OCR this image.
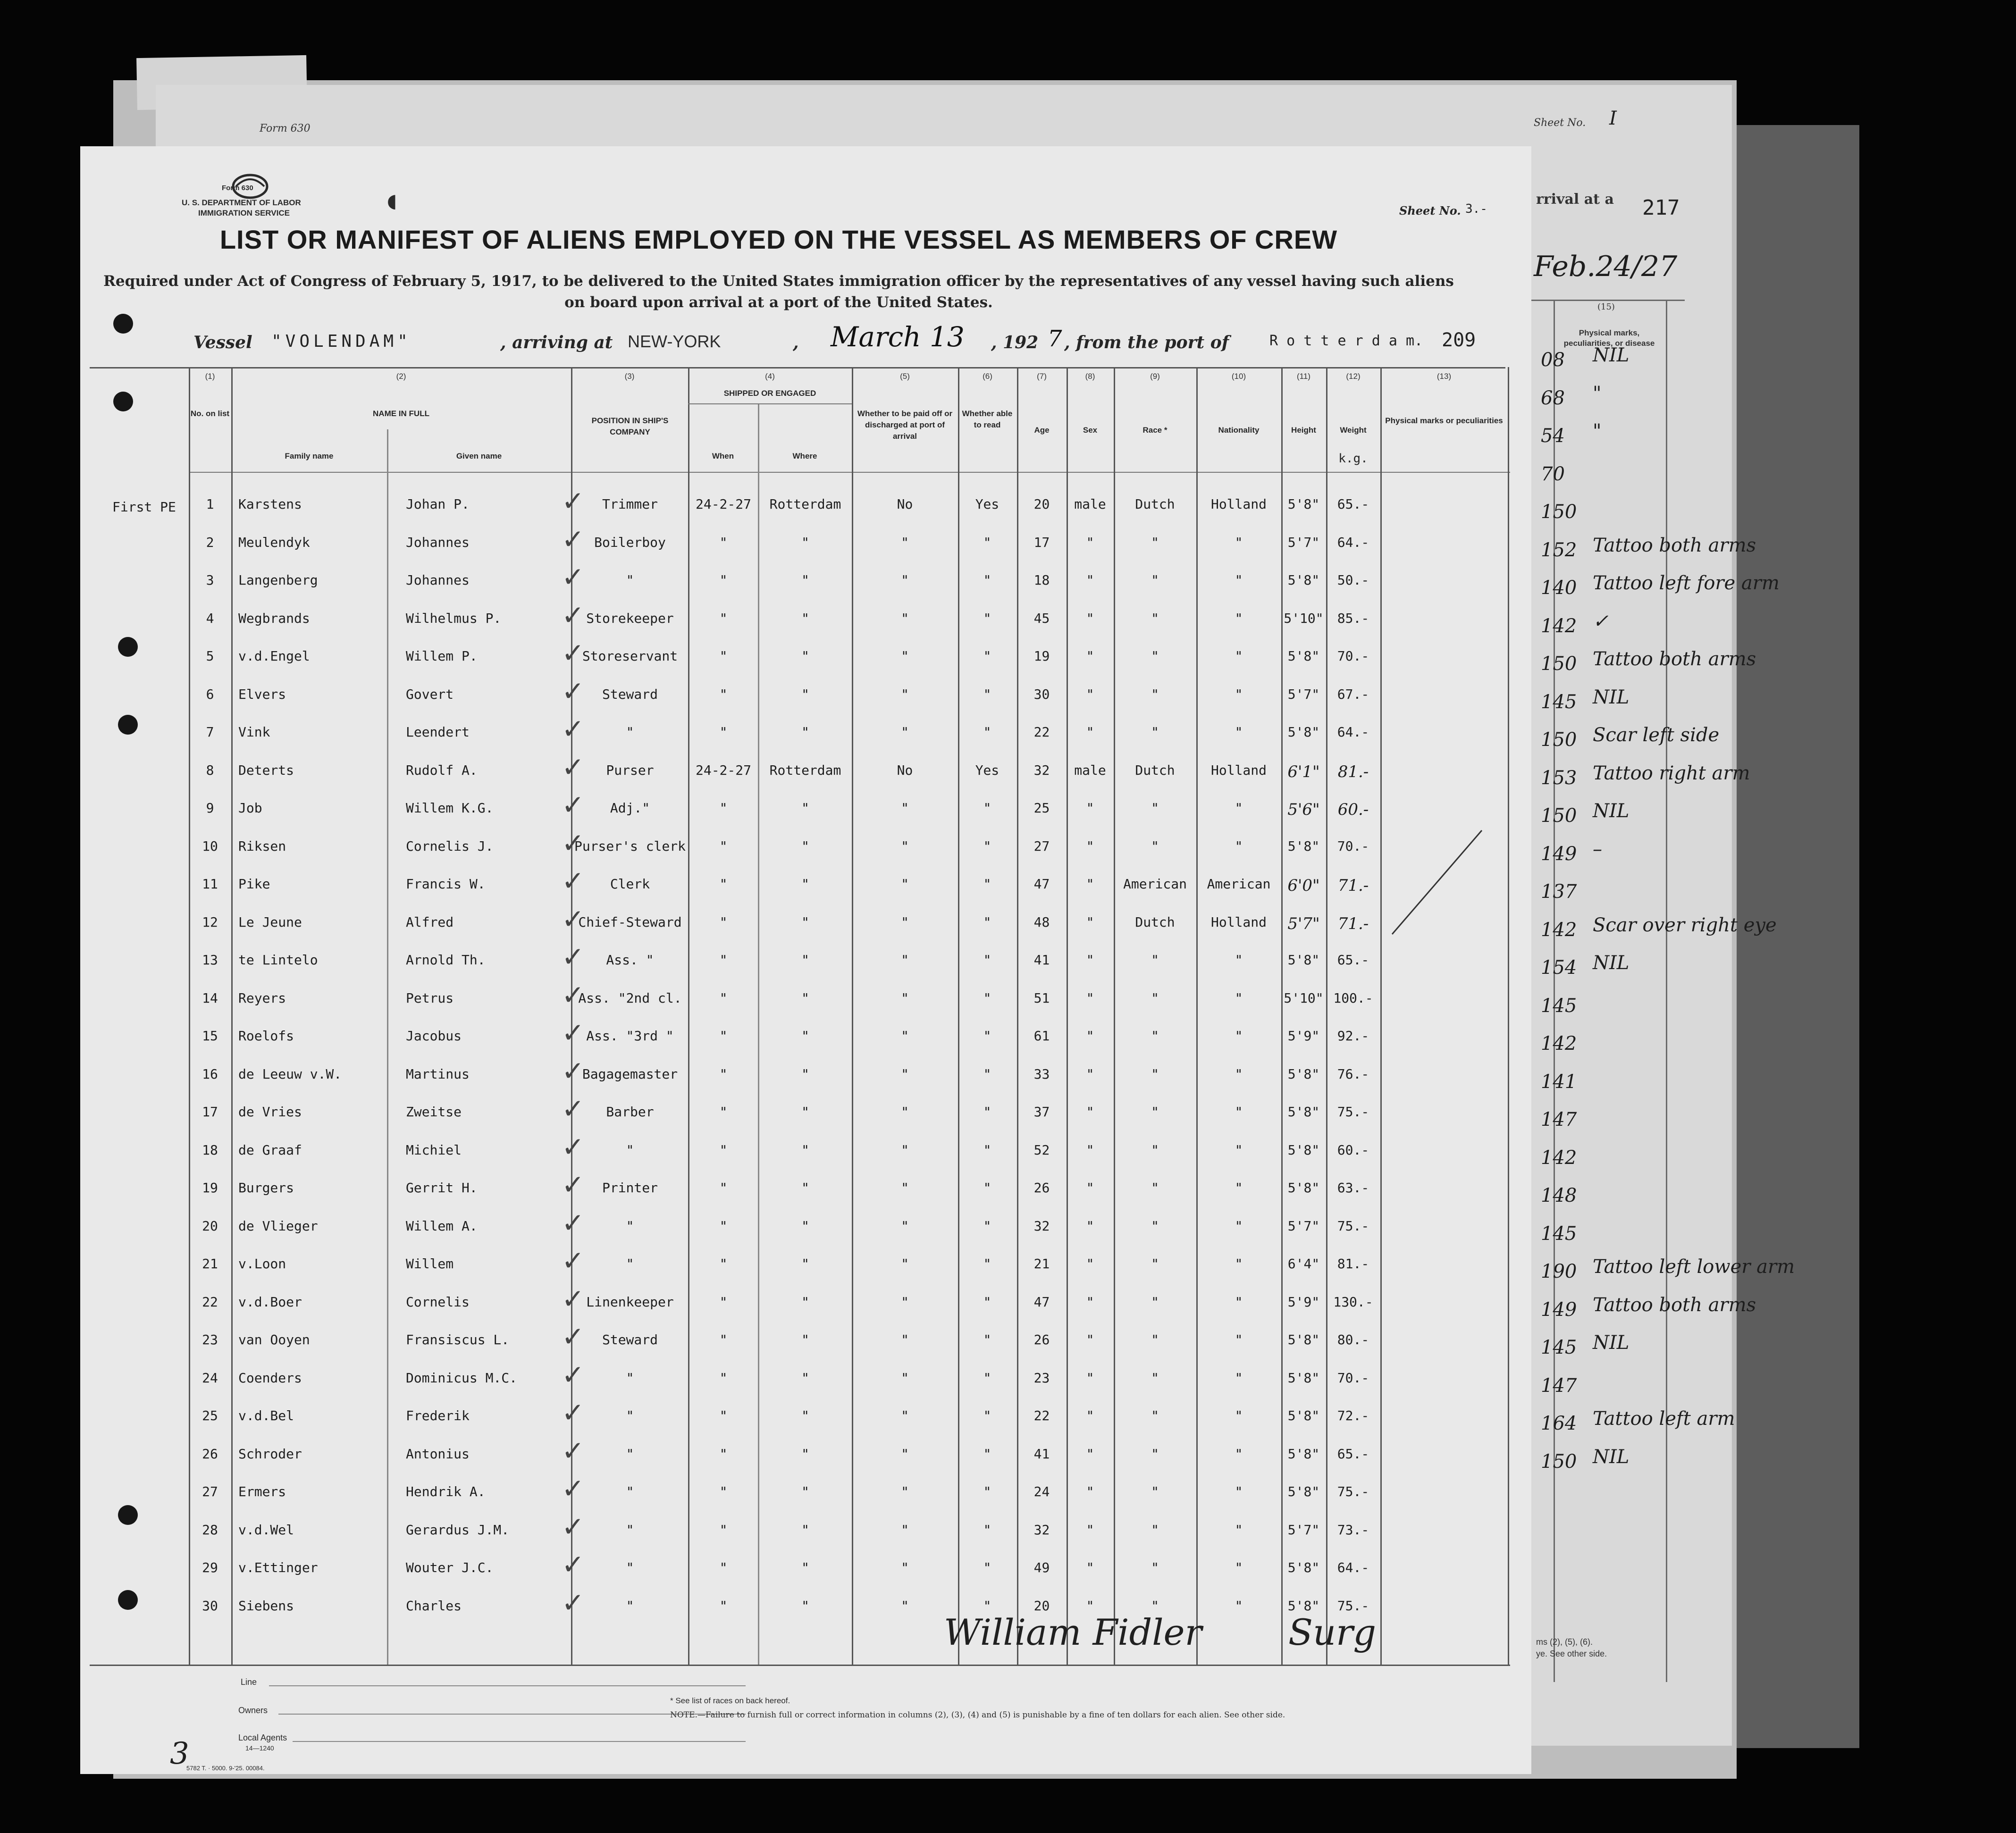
Form 630	Sheet No. I
rrival at a
Feb.24/27
(15)
Physical marks, peculiarities, or disease
ms (2), (5), (6).
ye. See other side.
08 NIL
68 "
54 "
70
150
152 Tattoo both arms
140 Tattoo left fore arm
142 ✓
150 Tattoo both arms
145 NIL
150 Scar left side
153 Tattoo right arm
150 NIL
149 –
137
142 Scar over right eye
154 NIL
145
142
141
147
142
148
145
190 Tattoo left lower arm
149 Tattoo both arms
145 NIL
147
164 Tattoo left arm
150 NIL
Form 630
U. S. DEPARTMENT OF LABOR
IMMIGRATION SERVICE
◖	Sheet No. 3.-	217
LIST OR MANIFEST OF ALIENS EMPLOYED ON THE VESSEL AS MEMBERS OF CREW
Required under Act of Congress of February 5, 1917, to be delivered to the United States immigration officer by the representatives of any vessel having such aliens
on board upon arrival at a port of the United States.
Vessel "VOLENDAM"	, arriving at NEW-YORK	, March 13 , 192 7 , from the port of	R o t t e r d a m. 209
(1)	(2)	(3)	(4)	(5)	(6)	(7)	(8)	(9)	(10)	(11)	(12)	(13)
No. on list	NAME IN FULL
Family name	Given name
POSITION IN SHIP'S COMPANY
SHIPPED OR ENGAGED
When	Where
Whether to be paid off or discharged at port of arrival
Whether able to read
Age	Sex	Race *	Nationality	Height	Weight
k.g.
Physical marks or peculiarities
First PE	1	Karstens	Johan P.	Trimmer	24-2-27	Rotterdam	No	Yes	20	male	Dutch	Holland	5'8"	65.-
✓
2	Meulendyk	Johannes	Boilerboy	"	"	"	"	17	"	"	"	5'7"	64.-
✓
3	Langenberg	Johannes	"	"	"	"	"	18	"	"	"	5'8"	50.-
✓
4	Wegbrands	Wilhelmus P.	Storekeeper	"	"	"	"	45	"	"	"	5'10"	85.-
✓
5	v.d.Engel	Willem P.	Storeservant	"	"	"	"	19	"	"	"	5'8"	70.-
✓
6	Elvers	Govert	Steward	"	"	"	"	30	"	"	"	5'7"	67.-
✓
7	Vink	Leendert	"	"	"	"	"	22	"	"	"	5'8"	64.-
✓
8	Deterts	Rudolf A.	Purser	24-2-27	Rotterdam	No	Yes	32	male	Dutch	Holland	6'1"	81.-
✓
9	Job	Willem K.G.	Adj."	"	"	"	"	25	"	"	"	5'6"	60.-
✓
10	Riksen	Cornelis J.	Purser's clerk	"	"	"	"	27	"	"	"	5'8"	70.-
✓
11	Pike	Francis W.	Clerk	"	"	"	"	47	"	American	American	6'0"	71.-
✓
12	Le Jeune	Alfred	Chief-Steward	"	"	"	"	48	"	Dutch	Holland	5'7"	71.-
✓
13	te Lintelo	Arnold Th.	Ass. "	"	"	"	"	41	"	"	"	5'8"	65.-
✓
14	Reyers	Petrus	Ass. "2nd cl.	"	"	"	"	51	"	"	"	5'10" 100.-
✓
15	Roelofs	Jacobus	Ass. "3rd "	"	"	"	"	61	"	"	"	5'9"	92.-
✓
16	de Leeuw v.W.	Martinus	Bagagemaster	"	"	"	"	33	"	"	"	5'8"	76.-
✓
17	de Vries	Zweitse	Barber	"	"	"	"	37	"	"	"	5'8"	75.-
✓
18	de Graaf	Michiel	"	"	"	"	"	52	"	"	"	5'8"	60.-
✓
19	Burgers	Gerrit H.	Printer	"	"	"	"	26	"	"	"	5'8"	63.-
✓
20	de Vlieger	Willem A.	"	"	"	"	"	32	"	"	"	5'7"	75.-
✓
21	v.Loon	Willem	"	"	"	"	"	21	"	"	"	6'4"	81.-
✓
22	v.d.Boer	Cornelis	Linenkeeper	"	"	"	"	47	"	"	"	5'9"	130.-
✓
23	van Ooyen	Fransiscus L.	Steward	"	"	"	"	26	"	"	"	5'8"	80.-
✓
24	Coenders	Dominicus M.C.	"	"	"	"	"	23	"	"	"	5'8"	70.-
✓
25	v.d.Bel	Frederik	"	"	"	"	"	22	"	"	"	5'8"	72.-
✓
26	Schroder	Antonius	"	"	"	"	"	41	"	"	"	5'8"	65.-
✓
27	Ermers	Hendrik A.	"	"	"	"	"	24	"	"	"	5'8"	75.-
✓
28	v.d.Wel	Gerardus J.M.	"	"	"	"	"	32	"	"	"	5'7"	73.-
✓
29	v.Ettinger	Wouter J.C.	"	"	"	"	"	49	"	"	"	5'8"	64.-
✓
30	Siebens	Charles	"	"	"	"	"	20	"	"	"	5'8"	75.-
✓
3
Line
Owners
Local Agents
14—1240
5782 T. · 5000. 9-'25. 00084.
* See list of races on back hereof.
NOTE.—Failure to furnish full or correct information in columns (2), (3), (4) and (5) is punishable by a fine of ten dollars for each alien. See other side.
William Fidler Surg
